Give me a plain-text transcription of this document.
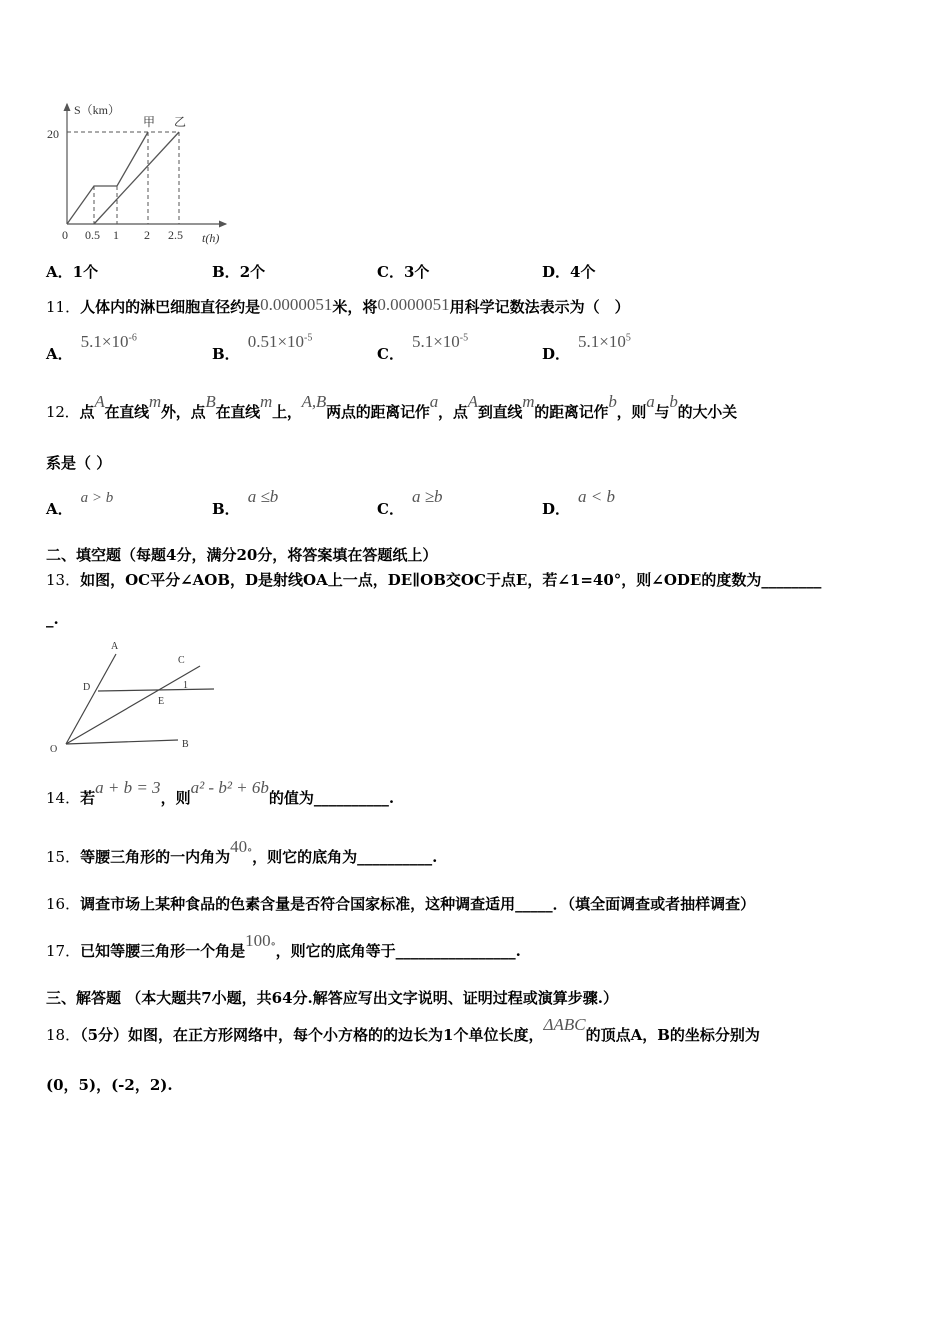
S（km）
20
0 0.5 1 2 2.5 t(h)
甲 乙
A．1个	B．2个	C．3个	D．4个
11．人体内的淋巴细胞直径约是0.0000051米，将0.0000051用科学记数法表示为（　）
A．$5.1\times 10^{-6}$
B．$0.51\times 10^{-5}$
C．$5.1\times 10^{-5}$
D．$5.1\times 10^5$
12．点A在直线m外，点B在直线m上，A,B两点的距离记作a，点A到直线m的距离记作b，则a与b的大小关
系是（ ）
A．a > b
B．a ≤b
C．a ≥b
D．a < b
二、填空题（每题4分，满分20分，将答案填在答题纸上）
13．如图，OC平分∠AOB，D是射线OA上一点，DE∥OB交OC于点E，若∠1=40°，则∠ODE的度数为________
_.
A
C
D	1
E
O	B
14．若a + b = 3，则a² - b² + 6b的值为__________.
15．等腰三角形的一内角为40°，则它的底角为__________.
16．调查市场上某种食品的色素含量是否符合国家标准，这种调查适用_____．（填全面调查或者抽样调查）
17．已知等腰三角形一个角是100°，则它的底角等于________________.
三、解答题 （本大题共7小题，共64分.解答应写出文字说明、证明过程或演算步骤.）
18．（5分）如图，在正方形网络中，每个小方格的的边长为1个单位长度，ΔABC的顶点A，B的坐标分别为
(0，5)，(-2，2).
